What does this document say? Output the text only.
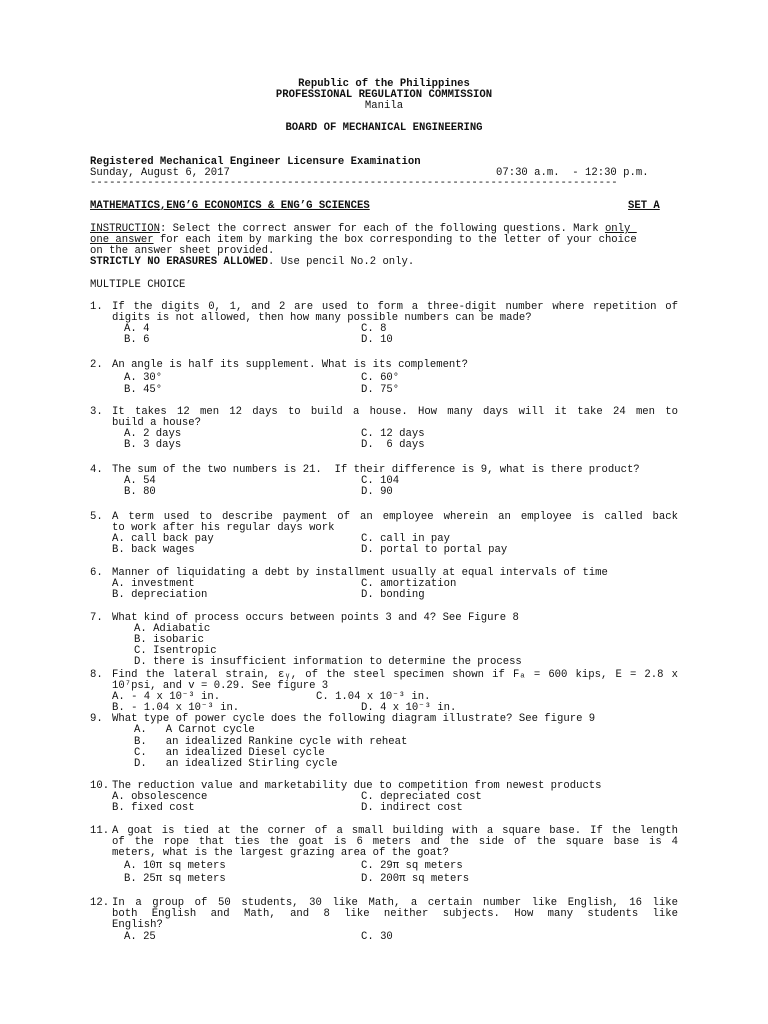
Republic of the Philippines
PROFESSIONAL REGULATION COMMISSION
Manila
BOARD OF MECHANICAL ENGINEERING
Registered Mechanical Engineer Licensure Examination
Sunday, August 6, 2017	07:30 a.m.  - 12:30 p.m.
-----------------------------------------------------------------------------------
MATHEMATICS,ENG’G ECONOMICS & ENG’G SCIENCES	SET A
INSTRUCTION: Select the correct answer for each of the following questions. Mark only
one answer for each item by marking the box corresponding to the letter of your choice
on the answer sheet provided.
STRICTLY NO ERASURES ALLOWED. Use pencil No.2 only.
MULTIPLE CHOICE
1. If the digits 0, 1, and 2 are used to form a three-digit number where repetition of
digits is not allowed, then how many possible numbers can be made?
A. 4	C. 8
B. 6	D. 10
2. An angle is half its supplement. What is its complement?
A. 30°	C. 60°
B. 45°	D. 75°
3. It takes 12 men 12 days to build a house. How many days will it take 24 men to
build a house?
A. 2 days	C. 12 days
B. 3 days	D.  6 days
4. The sum of the two numbers is 21.  If their difference is 9, what is there product?
A. 54	C. 104
B. 80	D. 90
5. A term used to describe payment of an employee wherein an employee is called back
to work after his regular days work
A. call back pay	C. call in pay
B. back wages	D. portal to portal pay
6. Manner of liquidating a debt by installment usually at equal intervals of time
A. investment	C. amortization
B. depreciation	D. bonding
7. What kind of process occurs between points 3 and 4? See Figure 8
A. Adiabatic
B. isobaric
C. Isentropic
D. there is insufficient information to determine the process
8. Find the lateral strain, εᵧ, of the steel specimen shown if Fₐ = 600 kips, E = 2.8 x
10⁷psi, and v = 0.29. See figure 3
A. - 4 x 10⁻³ in.	C. 1.04 x 10⁻³ in.
B. - 1.04 x 10⁻³ in.	D. 4 x 10⁻³ in.
9. What type of power cycle does the following diagram illustrate? See figure 9
A.   A Carnot cycle
B.   an idealized Rankine cycle with reheat
C.   an idealized Diesel cycle
D.   an idealized Stirling cycle
10. The reduction value and marketability due to competition from newest products
A. obsolescence	C. depreciated cost
B. fixed cost	D. indirect cost
11. A goat is tied at the corner of a small building with a square base. If the length
of the rope that ties the goat is 6 meters and the side of the square base is 4
meters, what is the largest grazing area of the goat?
A. 10π sq meters	C. 29π sq meters
B. 25π sq meters	D. 200π sq meters
12. In a group of 50 students, 30 like Math, a certain number like English, 16 like
both English and Math, and 8 like neither subjects. How many students like
English?
A. 25	C. 30
